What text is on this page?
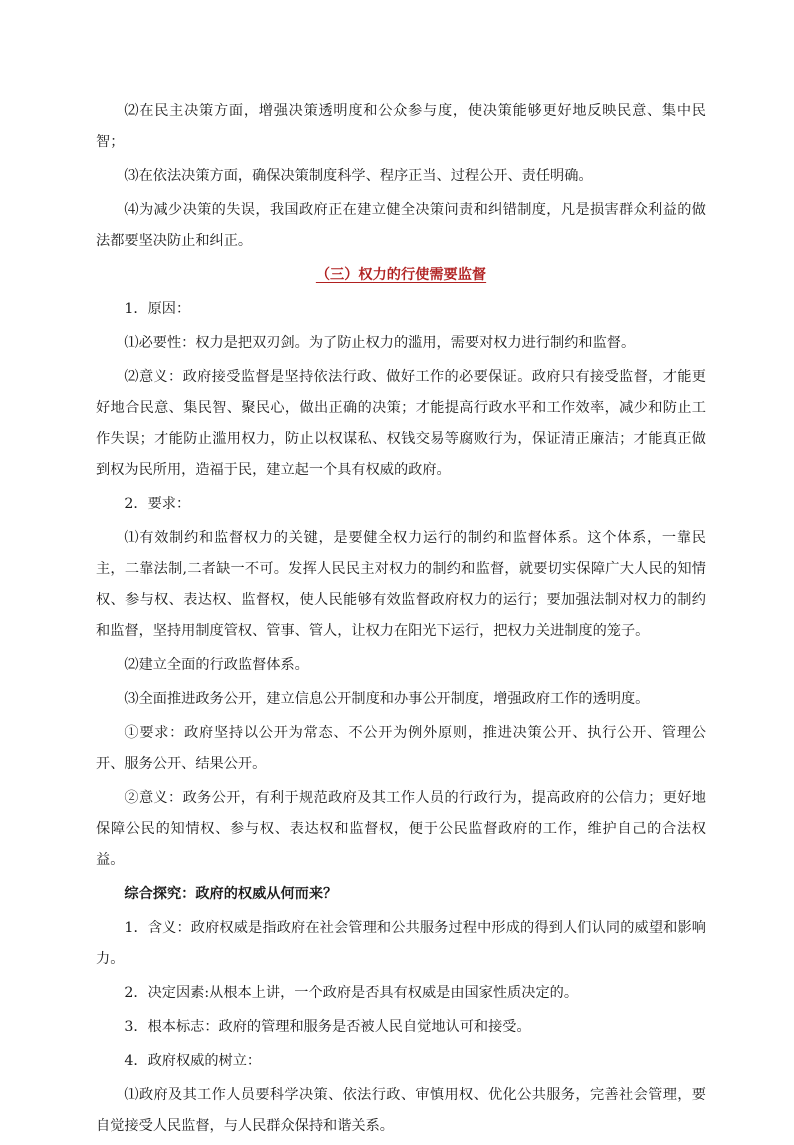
⑵在民主决策方面，增强决策透明度和公众参与度，使决策能够更好地反映民意、集中民智；

⑶在依法决策方面，确保决策制度科学、程序正当、过程公开、责任明确。

⑷为减少决策的失误，我国政府正在建立健全决策问责和纠错制度，凡是损害群众利益的做法都要坚决防止和纠正。

（三）权力的行使需要监督

1．原因：

⑴必要性：权力是把双刃剑。为了防止权力的滥用，需要对权力进行制约和监督。

⑵意义：政府接受监督是坚持依法行政、做好工作的必要保证。政府只有接受监督，才能更好地合民意、集民智、聚民心，做出正确的决策；才能提高行政水平和工作效率，减少和防止工作失误；才能防止滥用权力，防止以权谋私、权钱交易等腐败行为，保证清正廉洁；才能真正做到权为民所用，造福于民，建立起一个具有权威的政府。

2．要求：

⑴有效制约和监督权力的关键，是要健全权力运行的制约和监督体系。这个体系，一靠民主，二靠法制,二者缺一不可。发挥人民民主对权力的制约和监督，就要切实保障广大人民的知情权、参与权、表达权、监督权，使人民能够有效监督政府权力的运行；要加强法制对权力的制约和监督，坚持用制度管权、管事、管人，让权力在阳光下运行，把权力关进制度的笼子。

⑵建立全面的行政监督体系。

⑶全面推进政务公开，建立信息公开制度和办事公开制度，增强政府工作的透明度。

①要求：政府坚持以公开为常态、不公开为例外原则，推进决策公开、执行公开、管理公开、服务公开、结果公开。

②意义：政务公开，有利于规范政府及其工作人员的行政行为，提高政府的公信力；更好地保障公民的知情权、参与权、表达权和监督权，便于公民监督政府的工作，维护自己的合法权益。

综合探究：政府的权威从何而来？

1．含义：政府权威是指政府在社会管理和公共服务过程中形成的得到人们认同的威望和影响力。

2．决定因素:从根本上讲，一个政府是否具有权威是由国家性质决定的。

3．根本标志：政府的管理和服务是否被人民自觉地认可和接受。

4．政府权威的树立：

⑴政府及其工作人员要科学决策、依法行政、审慎用权、优化公共服务，完善社会管理，要自觉接受人民监督，与人民群众保持和谐关系。
